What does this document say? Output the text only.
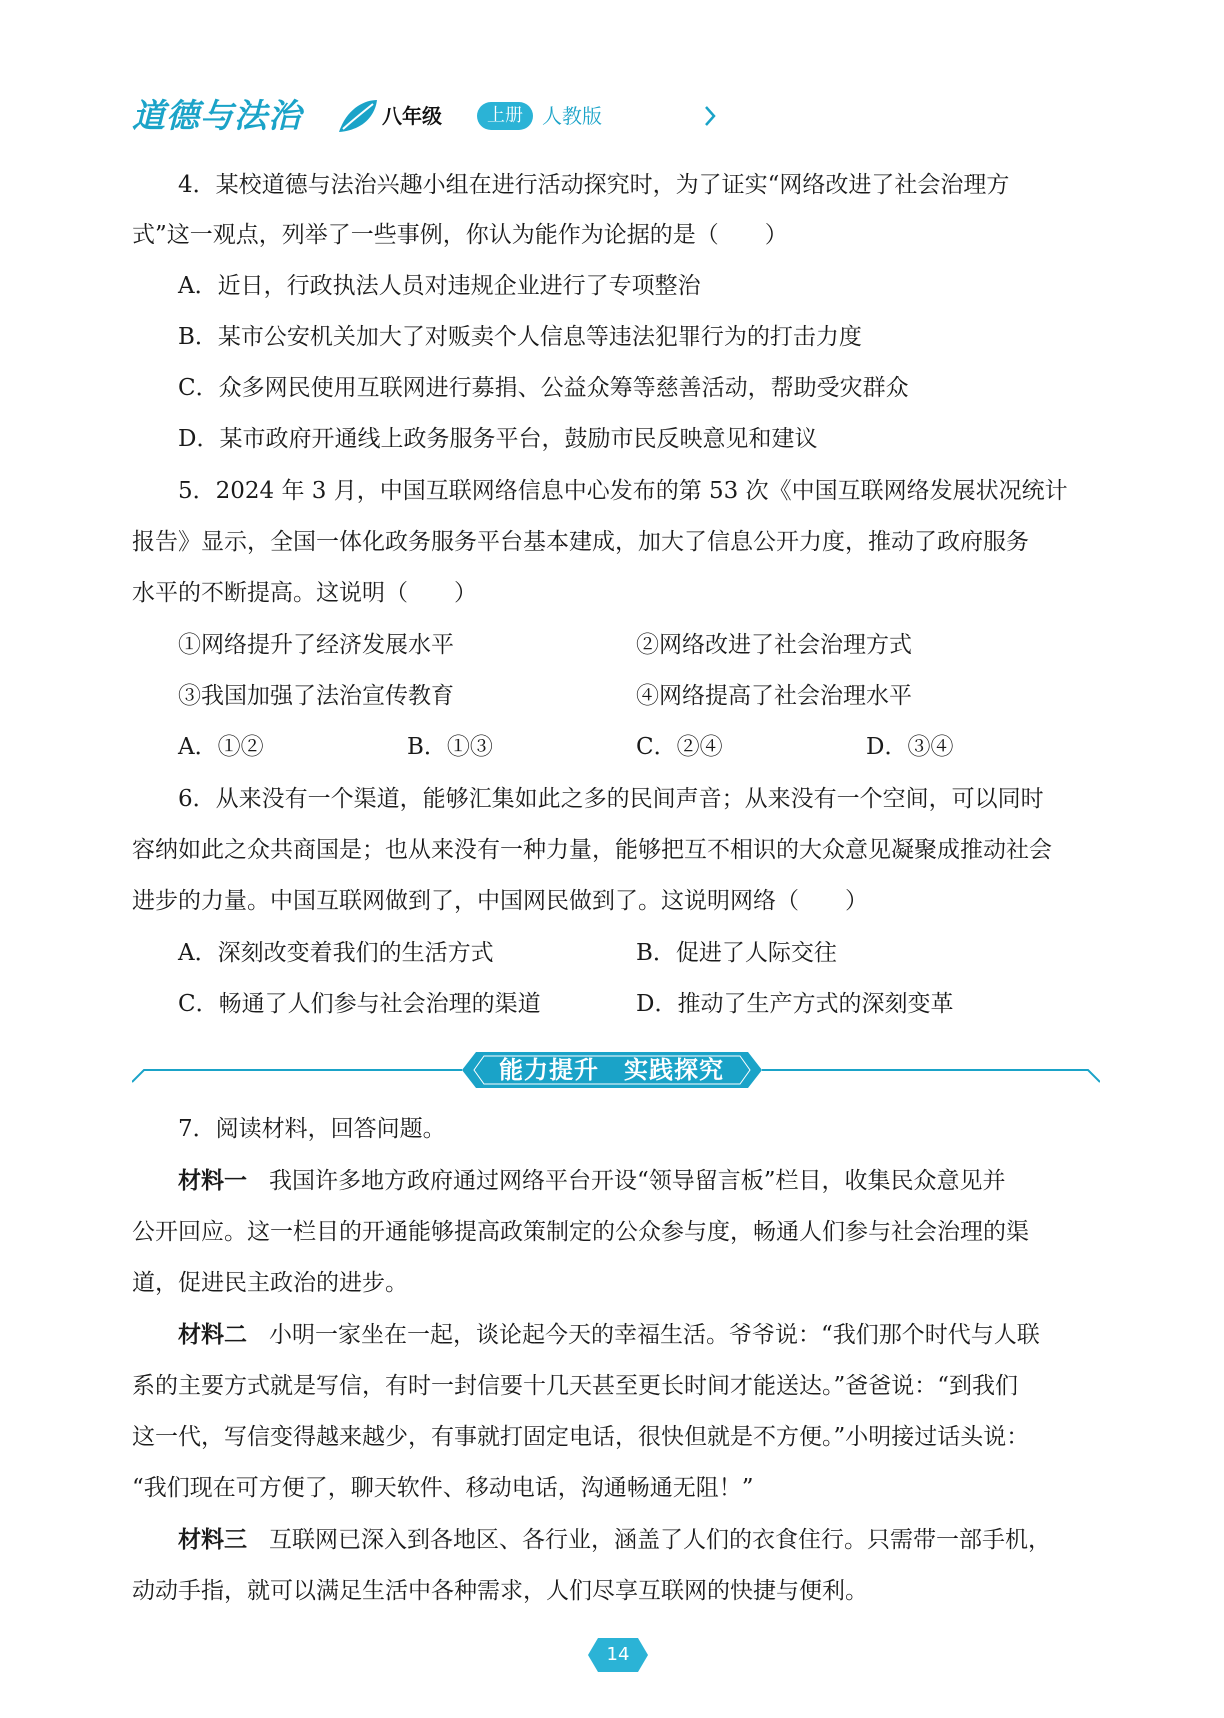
道德与法治	八年级	上册 人教版
4．某校道德与法治兴趣小组在进行活动探究时，为了证实“网络改进了社会治理方
式”这一观点，列举了一些事例，你认为能作为论据的是（　　）
A．近日，行政执法人员对违规企业进行了专项整治
B．某市公安机关加大了对贩卖个人信息等违法犯罪行为的打击力度
C．众多网民使用互联网进行募捐、公益众筹等慈善活动，帮助受灾群众
D．某市政府开通线上政务服务平台，鼓励市民反映意见和建议
5．2024 年 3 月，中国互联网络信息中心发布的第 53 次《中国互联网络发展状况统计
报告》显示，全国一体化政务服务平台基本建成，加大了信息公开力度，推动了政府服务
水平的不断提高。这说明（　　）
①网络提升了经济发展水平	②网络改进了社会治理方式
③我国加强了法治宣传教育	④网络提高了社会治理水平
A．①②	B．①③	C．②④	D．③④
6．从来没有一个渠道，能够汇集如此之多的民间声音；从来没有一个空间，可以同时
容纳如此之众共商国是；也从来没有一种力量，能够把互不相识的大众意见凝聚成推动社会
进步的力量。中国互联网做到了，中国网民做到了。这说明网络（　　）
A．深刻改变着我们的生活方式	B．促进了人际交往
C．畅通了人们参与社会治理的渠道	D．推动了生产方式的深刻变革
能力提升　实践探究
7．阅读材料，回答问题。
材料一 我国许多地方政府通过网络平台开设“领导留言板”栏目，收集民众意见并
公开回应。这一栏目的开通能够提高政策制定的公众参与度，畅通人们参与社会治理的渠
道，促进民主政治的进步。
材料二 小明一家坐在一起，谈论起今天的幸福生活。爷爷说：“我们那个时代与人联
系的主要方式就是写信，有时一封信要十几天甚至更长时间才能送达。”爸爸说：“到我们
这一代，写信变得越来越少，有事就打固定电话，很快但就是不方便。”小明接过话头说：
“我们现在可方便了，聊天软件、移动电话，沟通畅通无阻！”
材料三 互联网已深入到各地区、各行业，涵盖了人们的衣食住行。只需带一部手机，
动动手指，就可以满足生活中各种需求，人们尽享互联网的快捷与便利。
14
